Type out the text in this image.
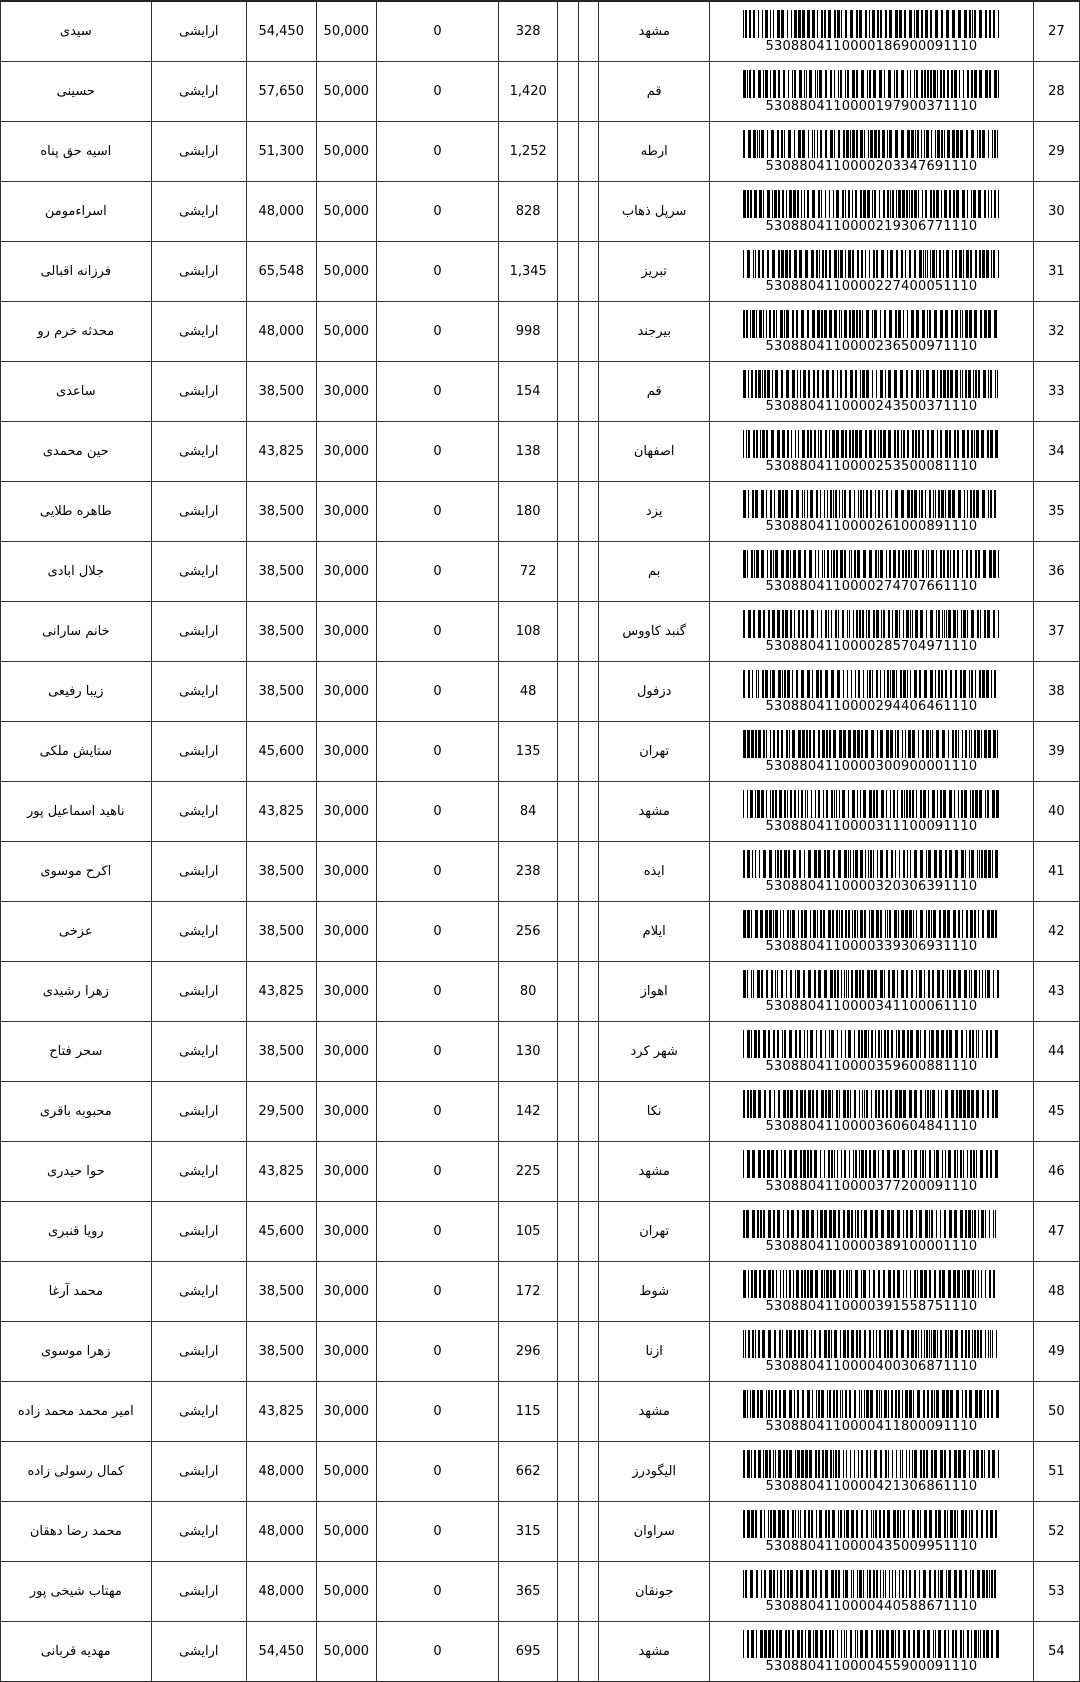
سیدی	ارایشی	54,450	50,000	0	328			مشهد	5308804110000186900091110	27
حسینی	ارایشی	57,650	50,000	0	1,420			قم	5308804110000197900371110	28
اسیه حق پناه	ارایشی	51,300	50,000	0	1,252			ارطه	5308804110000203347691110	29
اسراءمومن	ارایشی	48,000	50,000	0	828			سرپل ذهاب	5308804110000219306771110	30
فرزانه اقبالی	ارایشی	65,548	50,000	0	1,345			تبریز	5308804110000227400051110	31
محدثه خرم رو	ارایشی	48,000	50,000	0	998			بیرجند	5308804110000236500971110	32
ساعدی	ارایشی	38,500	30,000	0	154			قم	5308804110000243500371110	33
حین محمدی	ارایشی	43,825	30,000	0	138			اصفهان	5308804110000253500081110	34
طاهره طلایی	ارایشی	38,500	30,000	0	180			یزد	5308804110000261000891110	35
جلال ابادی	ارایشی	38,500	30,000	0	72			بم	5308804110000274707661110	36
خانم سارانی	ارایشی	38,500	30,000	0	108			گنبد کاووس	5308804110000285704971110	37
زیبا رفیعی	ارایشی	38,500	30,000	0	48			دزفول	5308804110000294406461110	38
ستایش ملکی	ارایشی	45,600	30,000	0	135			تهران	5308804110000300900001110	39
ناهید اسماعیل پور	ارایشی	43,825	30,000	0	84			مشهد	5308804110000311100091110	40
اکرح موسوی	ارایشی	38,500	30,000	0	238			ایذه	5308804110000320306391110	41
عزخی	ارایشی	38,500	30,000	0	256			ایلام	5308804110000339306931110	42
زهرا رشیدی	ارایشی	43,825	30,000	0	80			اهواز	5308804110000341100061110	43
سحر فتاح	ارایشی	38,500	30,000	0	130			شهر کرد	5308804110000359600881110	44
محبوبه باقری	ارایشی	29,500	30,000	0	142			نکا	5308804110000360604841110	45
حوا حیدری	ارایشی	43,825	30,000	0	225			مشهد	5308804110000377200091110	46
رویا قنبری	ارایشی	45,600	30,000	0	105			تهران	5308804110000389100001110	47
محمد آرغا	ارایشی	38,500	30,000	0	172			شوط	5308804110000391558751110	48
زهرا موسوی	ارایشی	38,500	30,000	0	296			ازنا	5308804110000400306871110	49
امیر محمد محمد زاده	ارایشی	43,825	30,000	0	115			مشهد	5308804110000411800091110	50
کمال رسولی زاده	ارایشی	48,000	50,000	0	662			الیگودرز	5308804110000421306861110	51
محمد رضا دهقان	ارایشی	48,000	50,000	0	315			سراوان	5308804110000435009951110	52
مهتاب شیخی پور	ارایشی	48,000	50,000	0	365			جونقان	5308804110000440588671110	53
مهدیه قربانی	ارایشی	54,450	50,000	0	695			مشهد	5308804110000455900091110	54
